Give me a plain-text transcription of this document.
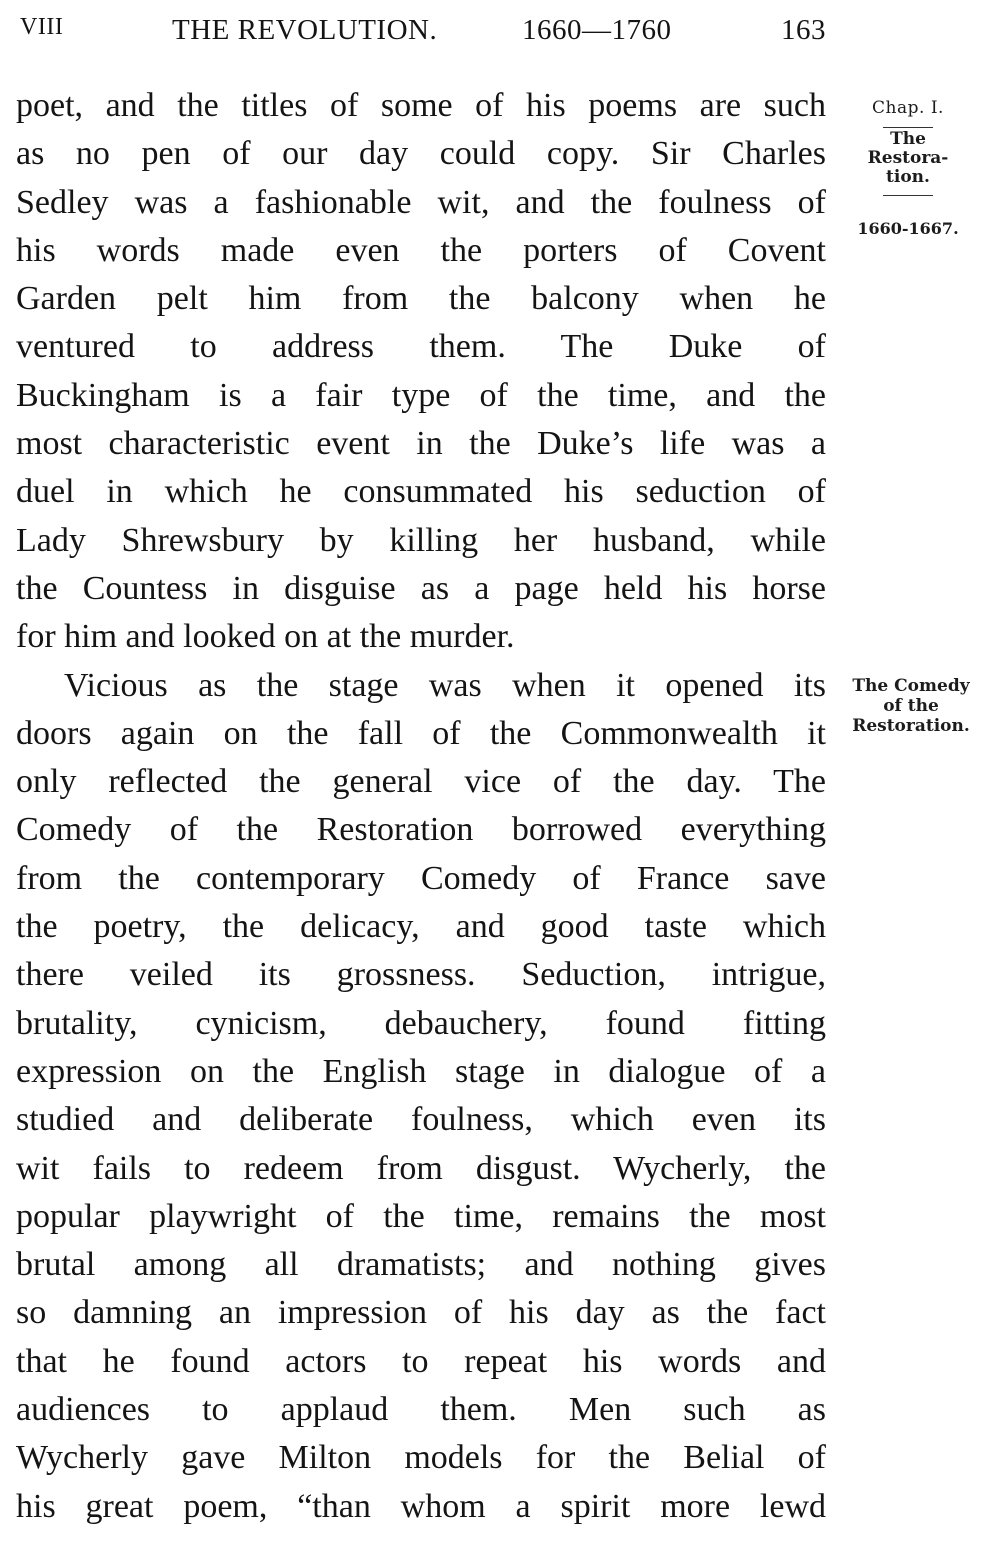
VIII	THE REVOLUTION.	1660—1760	163
poet, and the titles of some of his poems are such
as no pen of our day could copy. Sir Charles
Sedley was a fashionable wit, and the foulness of
his words made even the porters of Covent
Garden pelt him from the balcony when he
ventured to address them. The Duke of
Buckingham is a fair type of the time, and the
most characteristic event in the Duke’s life was a
duel in which he consummated his seduction of
Lady Shrewsbury by killing her husband, while
the Countess in disguise as a page held his horse
for him and looked on at the murder.
Vicious as the stage was when it opened its
doors again on the fall of the Commonwealth it
only reflected the general vice of the day. The
Comedy of the Restoration borrowed everything
from the contemporary Comedy of France save
the poetry, the delicacy, and good taste which
there veiled its grossness. Seduction, intrigue,
brutality, cynicism, debauchery, found fitting
expression on the English stage in dialogue of a
studied and deliberate foulness, which even its
wit fails to redeem from disgust. Wycherly, the
popular playwright of the time, remains the most
brutal among all dramatists; and nothing gives
so damning an impression of his day as the fact
that he found actors to repeat his words and
audiences to applaud them. Men such as
Wycherly gave Milton models for the Belial of
his great poem, “than whom a spirit more lewd
Chap. I.
The
Restora-
tion.
1660-1667.
The Comedy
of the
Restoration.
